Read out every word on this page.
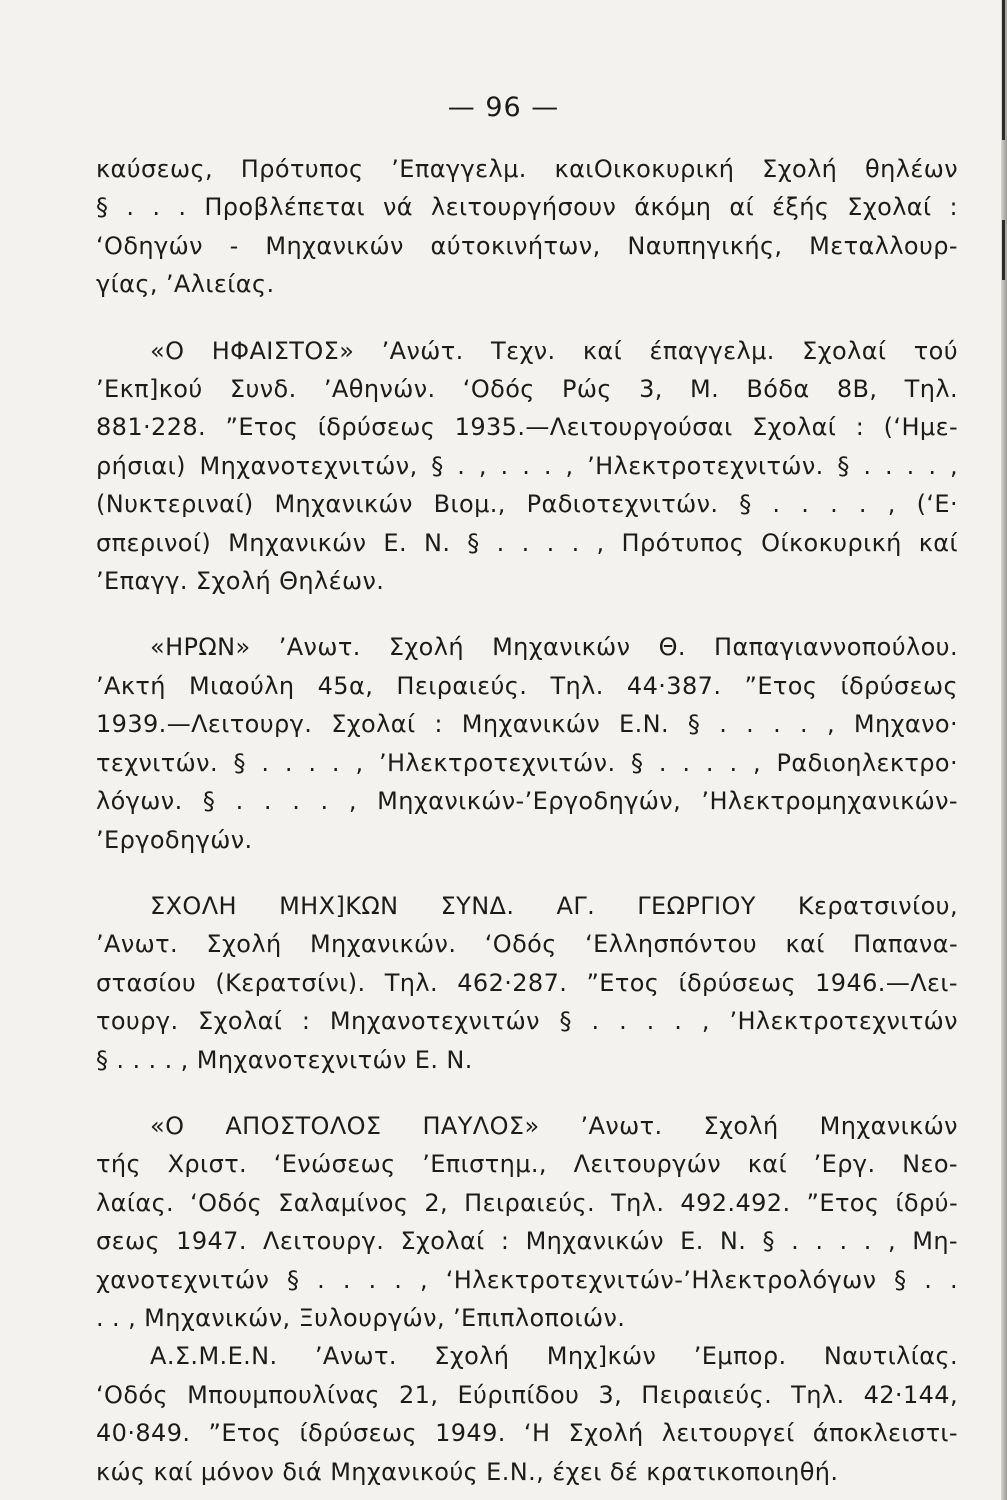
— 96 —
καύσεως, Πρότυπος ’Επαγγελμ. καιΟικοκυρική Σχολή θηλέων
§ . . . Προβλέπεται νά λειτουργήσουν άκόμη αί έξής Σχολαί :
‘Οδηγών - Μηχανικών αύτοκινήτων, Ναυπηγικής, Μεταλλουρ-
γίας, ’Αλιείας.
«Ο ΗΦΑΙΣΤΟΣ» ’Ανώτ. Τεχν. καί έπαγγελμ. Σχολαί τού
’Εκπ]κού Συνδ. ’Αθηνών. ‘Οδός Ρώς 3, Μ. Βόδα 8Β, Τηλ.
881·228. ”Ετος ίδρύσεως 1935.—Λειτουργούσαι Σχολαί : (‘Ημε-
ρήσιαι) Μηχανοτεχνιτών, § . , . . . , ’Ηλεκτροτεχνιτών. § . . . . ,
(Νυκτεριναί) Μηχανικών Βιομ., Ραδιοτεχνιτών. § . . . . , (‘Ε·
σπερινοί) Μηχανικών Ε. Ν. § . . . . , Πρότυπος Οίκοκυρική καί
’Επαγγ. Σχολή Θηλέων.
«ΗΡΩΝ» ’Ανωτ. Σχολή Μηχανικών Θ. Παπαγιαννοπούλου.
’Ακτή Μιαούλη 45α, Πειραιεύς. Τηλ. 44·387. ”Ετος ίδρύσεως
1939.—Λειτουργ. Σχολαί : Μηχανικών Ε.Ν. § . . . . , Μηχανο·
τεχνιτών. § . . . . , ’Ηλεκτροτεχνιτών. § . . . . , Ραδιοηλεκτρο·
λόγων. § . . . . , Μηχανικών-’Εργοδηγών, ’Ηλεκτρομηχανικών-
’Εργοδηγών.
ΣΧΟΛΗ ΜΗΧ]ΚΩΝ ΣΥΝΔ. ΑΓ. ΓΕΩΡΓΙΟΥ Κερατσινίου,
’Ανωτ. Σχολή Μηχανικών. ‘Οδός ‘Ελλησπόντου καί Παπανα-
στασίου (Κερατσίνι). Τηλ. 462·287. ”Ετος ίδρύσεως 1946.—Λει-
τουργ. Σχολαί : Μηχανοτεχνιτών § . . . . , ’Ηλεκτροτεχνιτών
§ . . . . , Μηχανοτεχνιτών Ε. Ν.
«Ο ΑΠΟΣΤΟΛΟΣ ΠΑΥΛΟΣ» ’Ανωτ. Σχολή Μηχανικών
τής Χριστ. ‘Ενώσεως ’Επιστημ., Λειτουργών καί ’Εργ. Νεο-
λαίας. ‘Οδός Σαλαμίνος 2, Πειραιεύς. Τηλ. 492.492. ”Ετος ίδρύ-
σεως 1947. Λειτουργ. Σχολαί : Μηχανικών Ε. Ν. § . . . . , Μη-
χανοτεχνιτών § . . . . , ‘Ηλεκτροτεχνιτών-’Ηλεκτρολόγων § . .
. . , Μηχανικών, Ξυλουργών, ’Επιπλοποιών.
Α.Σ.Μ.Ε.Ν. ’Ανωτ. Σχολή Μηχ]κών ’Εμπορ. Ναυτιλίας.
‘Οδός Μπουμπουλίνας 21, Εύριπίδου 3, Πειραιεύς. Τηλ. 42·144,
40·849. ”Ετος ίδρύσεως 1949. ‘Η Σχολή λειτουργεί άποκλειστι-
κώς καί μόνον διά Μηχανικούς Ε.Ν., έχει δέ κρατικοποιηθή.
